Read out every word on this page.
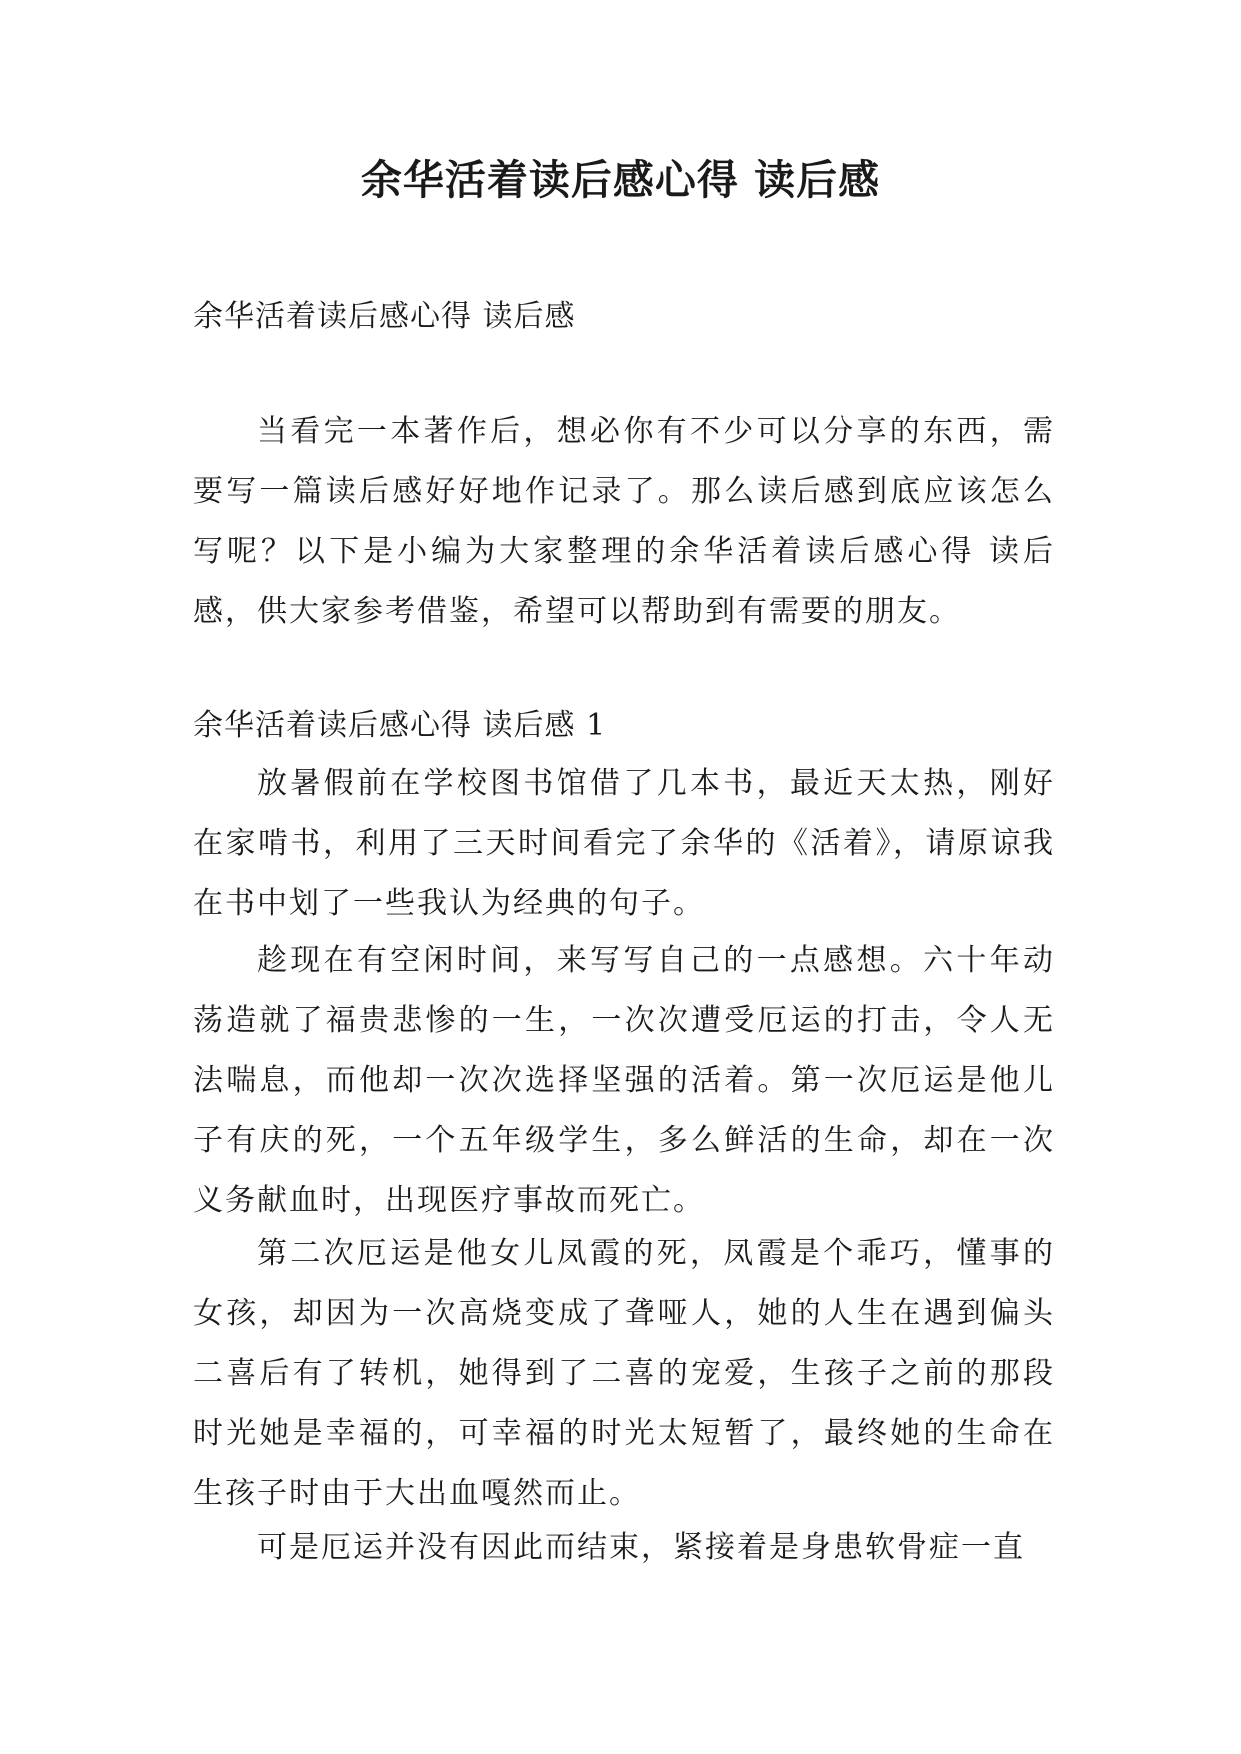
余华活着读后感心得 读后感

余华活着读后感心得 读后感

当看完一本著作后，想必你有不少可以分享的东西，需要写一篇读后感好好地作记录了。那么读后感到底应该怎么写呢？以下是小编为大家整理的余华活着读后感心得 读后感，供大家参考借鉴，希望可以帮助到有需要的朋友。

余华活着读后感心得 读后感 1

放暑假前在学校图书馆借了几本书，最近天太热，刚好在家啃书，利用了三天时间看完了余华的《活着》，请原谅我在书中划了一些我认为经典的句子。

趁现在有空闲时间，来写写自己的一点感想。六十年动荡造就了福贵悲惨的一生，一次次遭受厄运的打击，令人无法喘息，而他却一次次选择坚强的活着。第一次厄运是他儿子有庆的死，一个五年级学生，多么鲜活的生命，却在一次义务献血时，出现医疗事故而死亡。

第二次厄运是他女儿凤霞的死，凤霞是个乖巧，懂事的女孩，却因为一次高烧变成了聋哑人，她的人生在遇到偏头二喜后有了转机，她得到了二喜的宠爱，生孩子之前的那段时光她是幸福的，可幸福的时光太短暂了，最终她的生命在生孩子时由于大出血嘎然而止。

可是厄运并没有因此而结束，紧接着是身患软骨症一直
